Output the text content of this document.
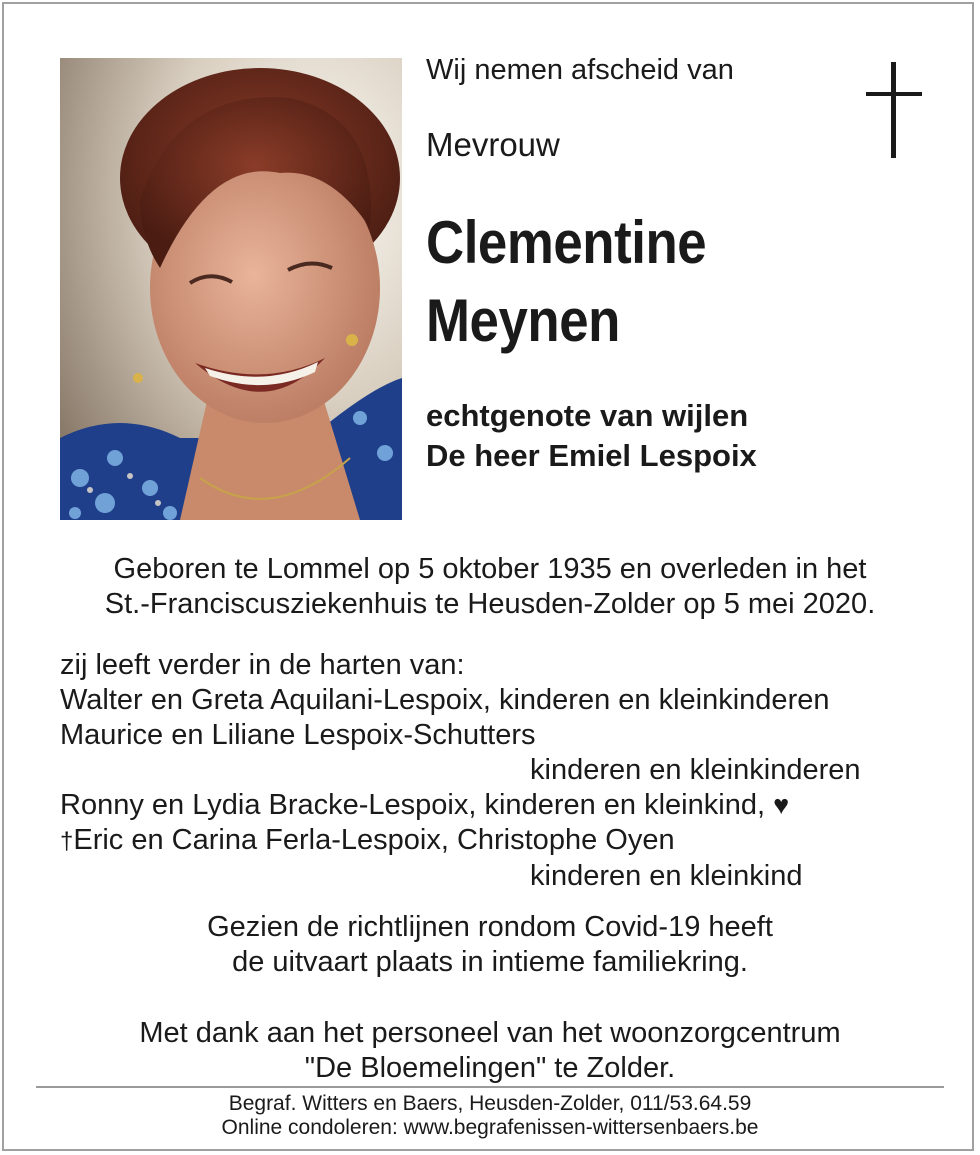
Wij nemen afscheid van
Mevrouw
Clementine
Meynen
echtgenote van wijlen
De heer Emiel Lespoix
Geboren te Lommel op 5 oktober 1935 en overleden in het
St.-Franciscusziekenhuis te Heusden-Zolder op 5 mei 2020.
zij leeft verder in de harten van:
Walter en Greta Aquilani-Lespoix, kinderen en kleinkinderen
Maurice en Liliane Lespoix-Schutters
kinderen en kleinkinderen
Ronny en Lydia Bracke-Lespoix, kinderen en kleinkind, ♥
†Eric en Carina Ferla-Lespoix, Christophe Oyen
kinderen en kleinkind
Gezien de richtlijnen rondom Covid-19 heeft
de uitvaart plaats in intieme familiekring.
Met dank aan het personeel van het woonzorgcentrum
"De Bloemelingen" te Zolder.
Begraf. Witters en Baers, Heusden-Zolder, 011/53.64.59
Online condoleren: www.begrafenissen-wittersenbaers.be
